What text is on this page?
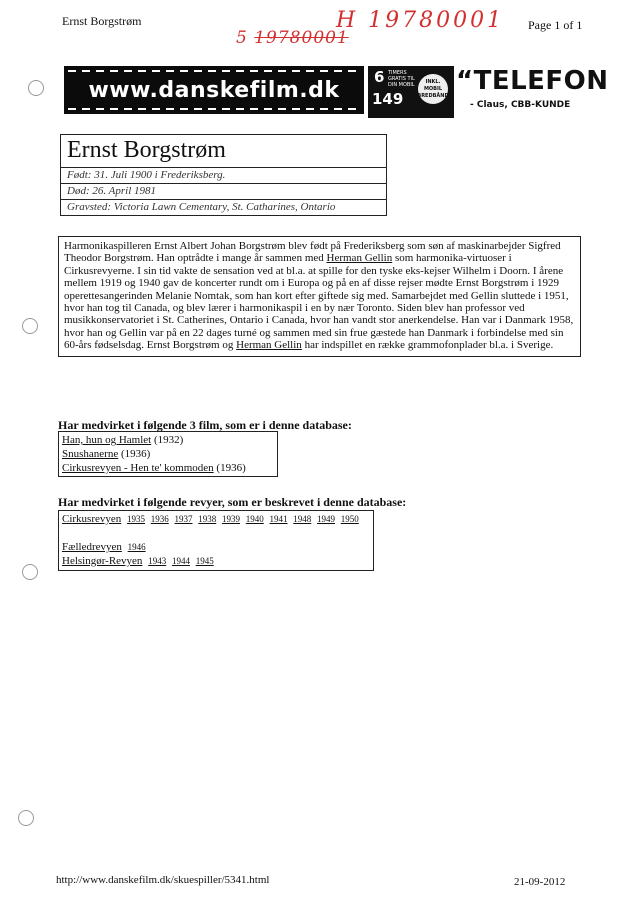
Ernst Borgstrøm	Page 1 of 1
H 19780001
5 19780001
www.danskefilm.dk
6 TIMERS GRATIS TIL DIN MOBIL
149
INKL. MOBIL BREDBÅND “TELEFON
- Claus, CBB-KUNDE
Ernst Borgstrøm
Født: 31. Juli 1900 i Frederiksberg.
Død: 26. April 1981
Gravsted: Victoria Lawn Cementary, St. Catharines, Ontario
Harmonikaspilleren Ernst Albert Johan Borgstrøm blev født på Frederiksberg som søn af maskinarbejder Sigfred Theodor Borgstrøm. Han optrådte i mange år sammen med Herman Gellin som harmonika-virtuoser i Cirkusrevyerne. I sin tid vakte de sensation ved at bl.a. at spille for den tyske eks-kejser Wilhelm i Doorn. I årene mellem 1919 og 1940 gav de koncerter rundt om i Europa og på en af disse rejser mødte Ernst Borgstrøm i 1929 operettesangerinden Melanie Nomtak, som han kort efter giftede sig med. Samarbejdet med Gellin sluttede i 1951, hvor han tog til Canada, og blev lærer i harmonikaspil i en by nær Toronto. Siden blev han professor ved musikkonservatoriet i St. Catherines, Ontario i Canada, hvor han vandt stor anerkendelse. Han var i Danmark 1958, hvor han og Gellin var på en 22 dages turné og sammen med sin frue gæstede han Danmark i forbindelse med sin 60-års fødselsdag. Ernst Borgstrøm og Herman Gellin har indspillet en række grammofonplader bl.a. i Sverige.
Har medvirket i følgende 3 film, som er i denne database:
Han, hun og Hamlet (1932)
Snushanerne (1936)
Cirkusrevyen - Hen te' kommoden (1936)
Har medvirket i følgende revyer, som er beskrevet i denne database:
Cirkusrevyen 1935 1936 1937 1938 1939 1940 1941 1948 1949 1950
Fælledrevyen 1946
Helsingør-Revyen 1943 1944 1945
http://www.danskefilm.dk/skuespiller/5341.html	21-09-2012
